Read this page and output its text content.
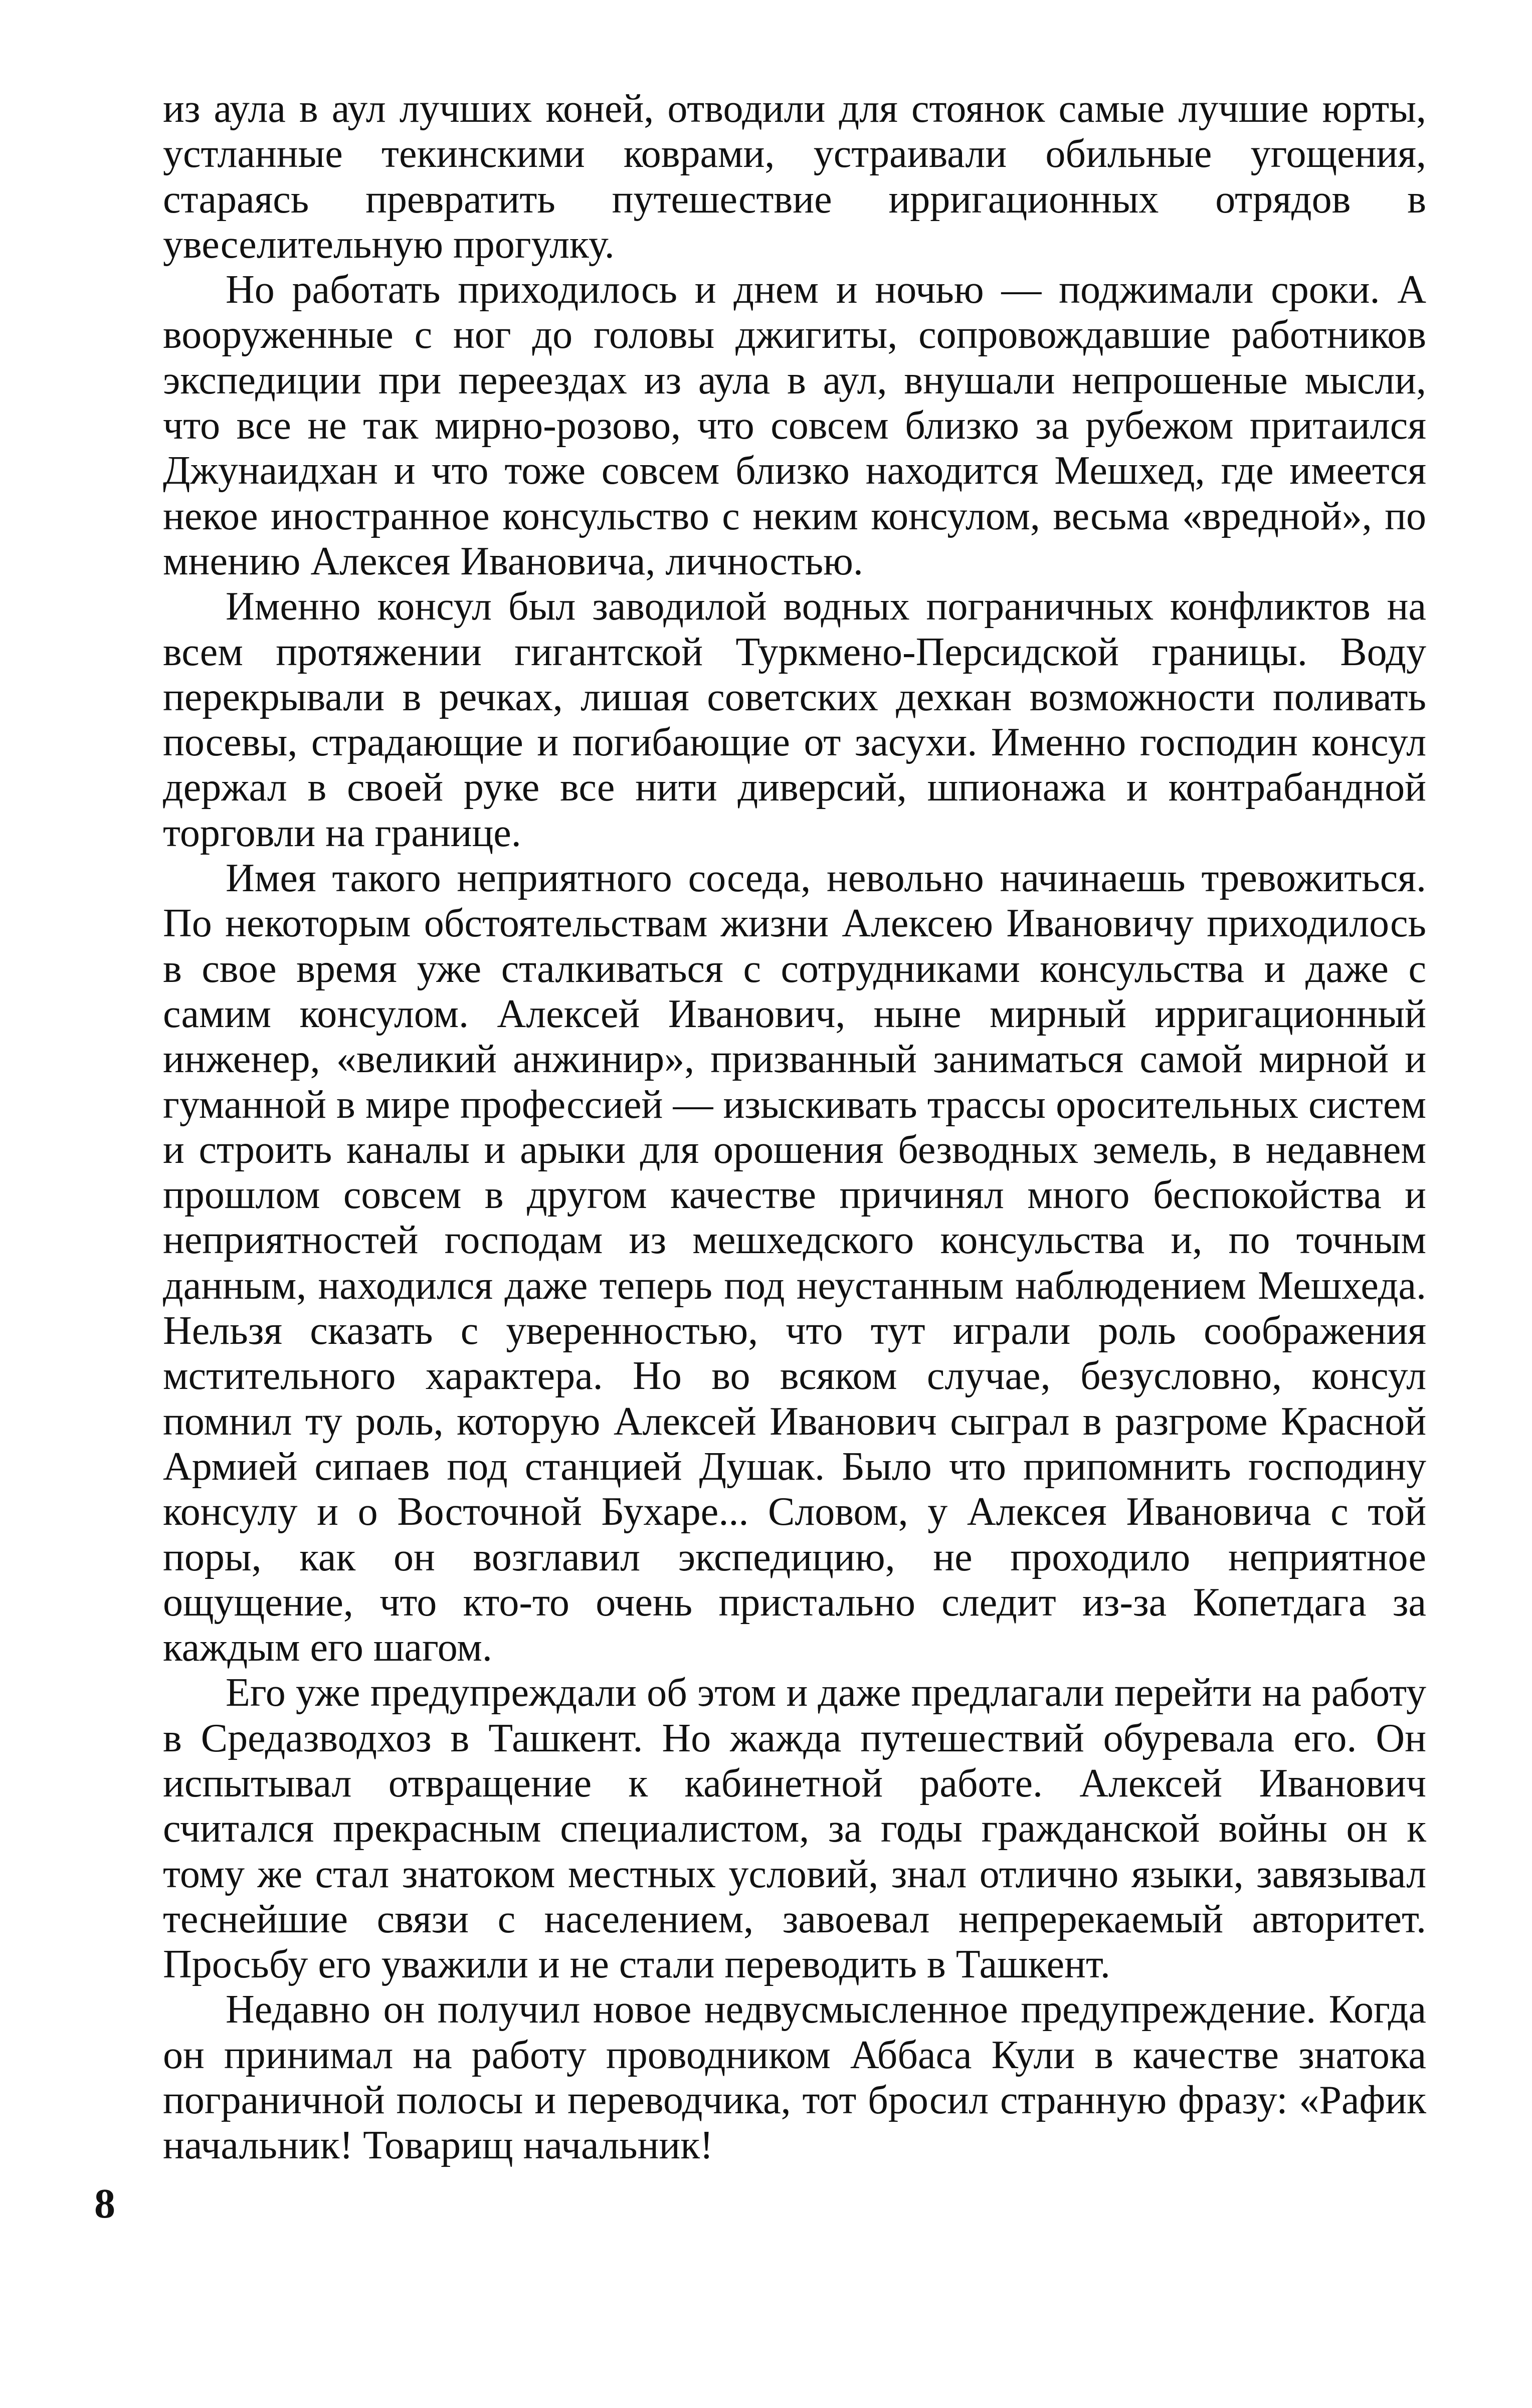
из аула в аул лучших коней, отводили для стоянок самые лучшие юрты, устланные текинскими коврами, устраивали обильные угощения, стараясь превратить путешествие ирригационных отрядов в увеселительную прогулку.

Но работать приходилось и днем и ночью — поджимали сроки. А вооруженные с ног до головы джигиты, сопровождавшие работников экспедиции при переездах из аула в аул, внушали непрошеные мысли, что все не так мирно-розово, что совсем близко за рубежом притаился Джунаидхан и что тоже совсем близко находится Мешхед, где имеется некое иностранное консульство с неким консулом, весьма «вредной», по мнению Алексея Ивановича, личностью.

Именно консул был заводилой водных пограничных конфликтов на всем протяжении гигантской Туркмено-Персидской границы. Воду перекрывали в речках, лишая советских дехкан возможности поливать посевы, страдающие и погибающие от засухи. Именно господин консул держал в своей руке все нити диверсий, шпионажа и контрабандной торговли на границе.

Имея такого неприятного соседа, невольно начинаешь тревожиться. По некоторым обстоятельствам жизни Алексею Ивановичу приходилось в свое время уже сталкиваться с сотрудниками консульства и даже с самим консулом. Алексей Иванович, ныне мирный ирригационный инженер, «великий анжинир», призванный заниматься самой мирной и гуманной в мире профессией — изыскивать трассы оросительных систем и строить каналы и арыки для орошения безводных земель, в недавнем прошлом совсем в другом качестве причинял много беспокойства и неприятностей господам из мешхедского консульства и, по точным данным, находился даже теперь под неустанным наблюдением Мешхеда. Нельзя сказать с уверенностью, что тут играли роль соображения мстительного характера. Но во всяком случае, безусловно, консул помнил ту роль, которую Алексей Иванович сыграл в разгроме Красной Армией сипаев под станцией Душак. Было что припомнить господину консулу и о Восточной Бухаре... Словом, у Алексея Ивановича с той поры, как он возглавил экспедицию, не проходило неприятное ощущение, что кто-то очень пристально следит из-за Копетдага за каждым его шагом.

Его уже предупреждали об этом и даже предлагали перейти на работу в Средазводхоз в Ташкент. Но жажда путешествий обуревала его. Он испытывал отвращение к кабинетной работе. Алексей Иванович считался прекрасным специалистом, за годы гражданской войны он к тому же стал знатоком местных условий, знал отлично языки, завязывал теснейшие связи с населением, завоевал непререкаемый авторитет. Просьбу его уважили и не стали переводить в Ташкент.

Недавно он получил новое недвусмысленное предупреждение. Когда он принимал на работу проводником Аббаса Кули в качестве знатока пограничной полосы и переводчика, тот бросил странную фразу: «Рафик начальник! Товарищ начальник!

8
